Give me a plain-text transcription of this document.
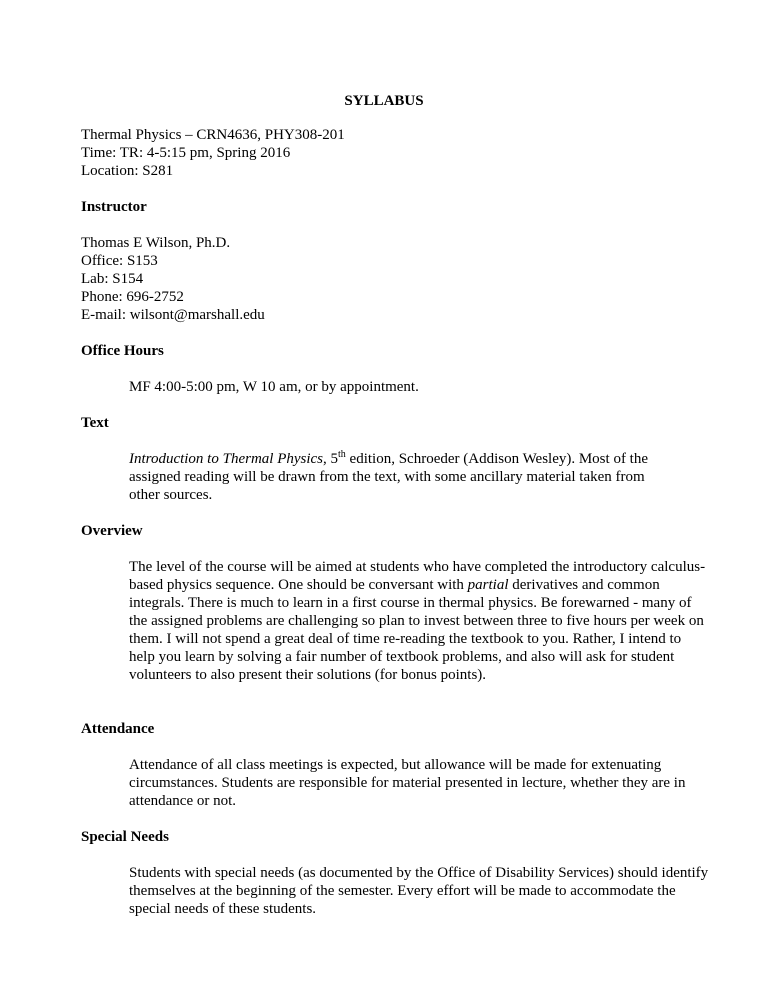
SYLLABUS
Thermal Physics – CRN4636, PHY308-201
Time: TR: 4-5:15 pm, Spring 2016
Location: S281
Instructor
Thomas E Wilson, Ph.D.
Office: S153
Lab: S154
Phone: 696-2752
E-mail: wilsont@marshall.edu
Office Hours
MF 4:00-5:00 pm, W 10 am, or by appointment.
Text
Introduction to Thermal Physics, 5th edition, Schroeder (Addison Wesley). Most of the
assigned reading will be drawn from the text, with some ancillary material taken from
other sources.
Overview
The level of the course will be aimed at students who have completed the introductory calculus-
based physics sequence. One should be conversant with partial derivatives and common
integrals. There is much to learn in a first course in thermal physics. Be forewarned - many of
the assigned problems are challenging so plan to invest between three to five hours per week on
them. I will not spend a great deal of time re-reading the textbook to you. Rather, I intend to
help you learn by solving a fair number of textbook problems, and also will ask for student
volunteers to also present their solutions (for bonus points).
Attendance
Attendance of all class meetings is expected, but allowance will be made for extenuating
circumstances. Students are responsible for material presented in lecture, whether they are in
attendance or not.
Special Needs
Students with special needs (as documented by the Office of Disability Services) should identify
themselves at the beginning of the semester. Every effort will be made to accommodate the
special needs of these students.
